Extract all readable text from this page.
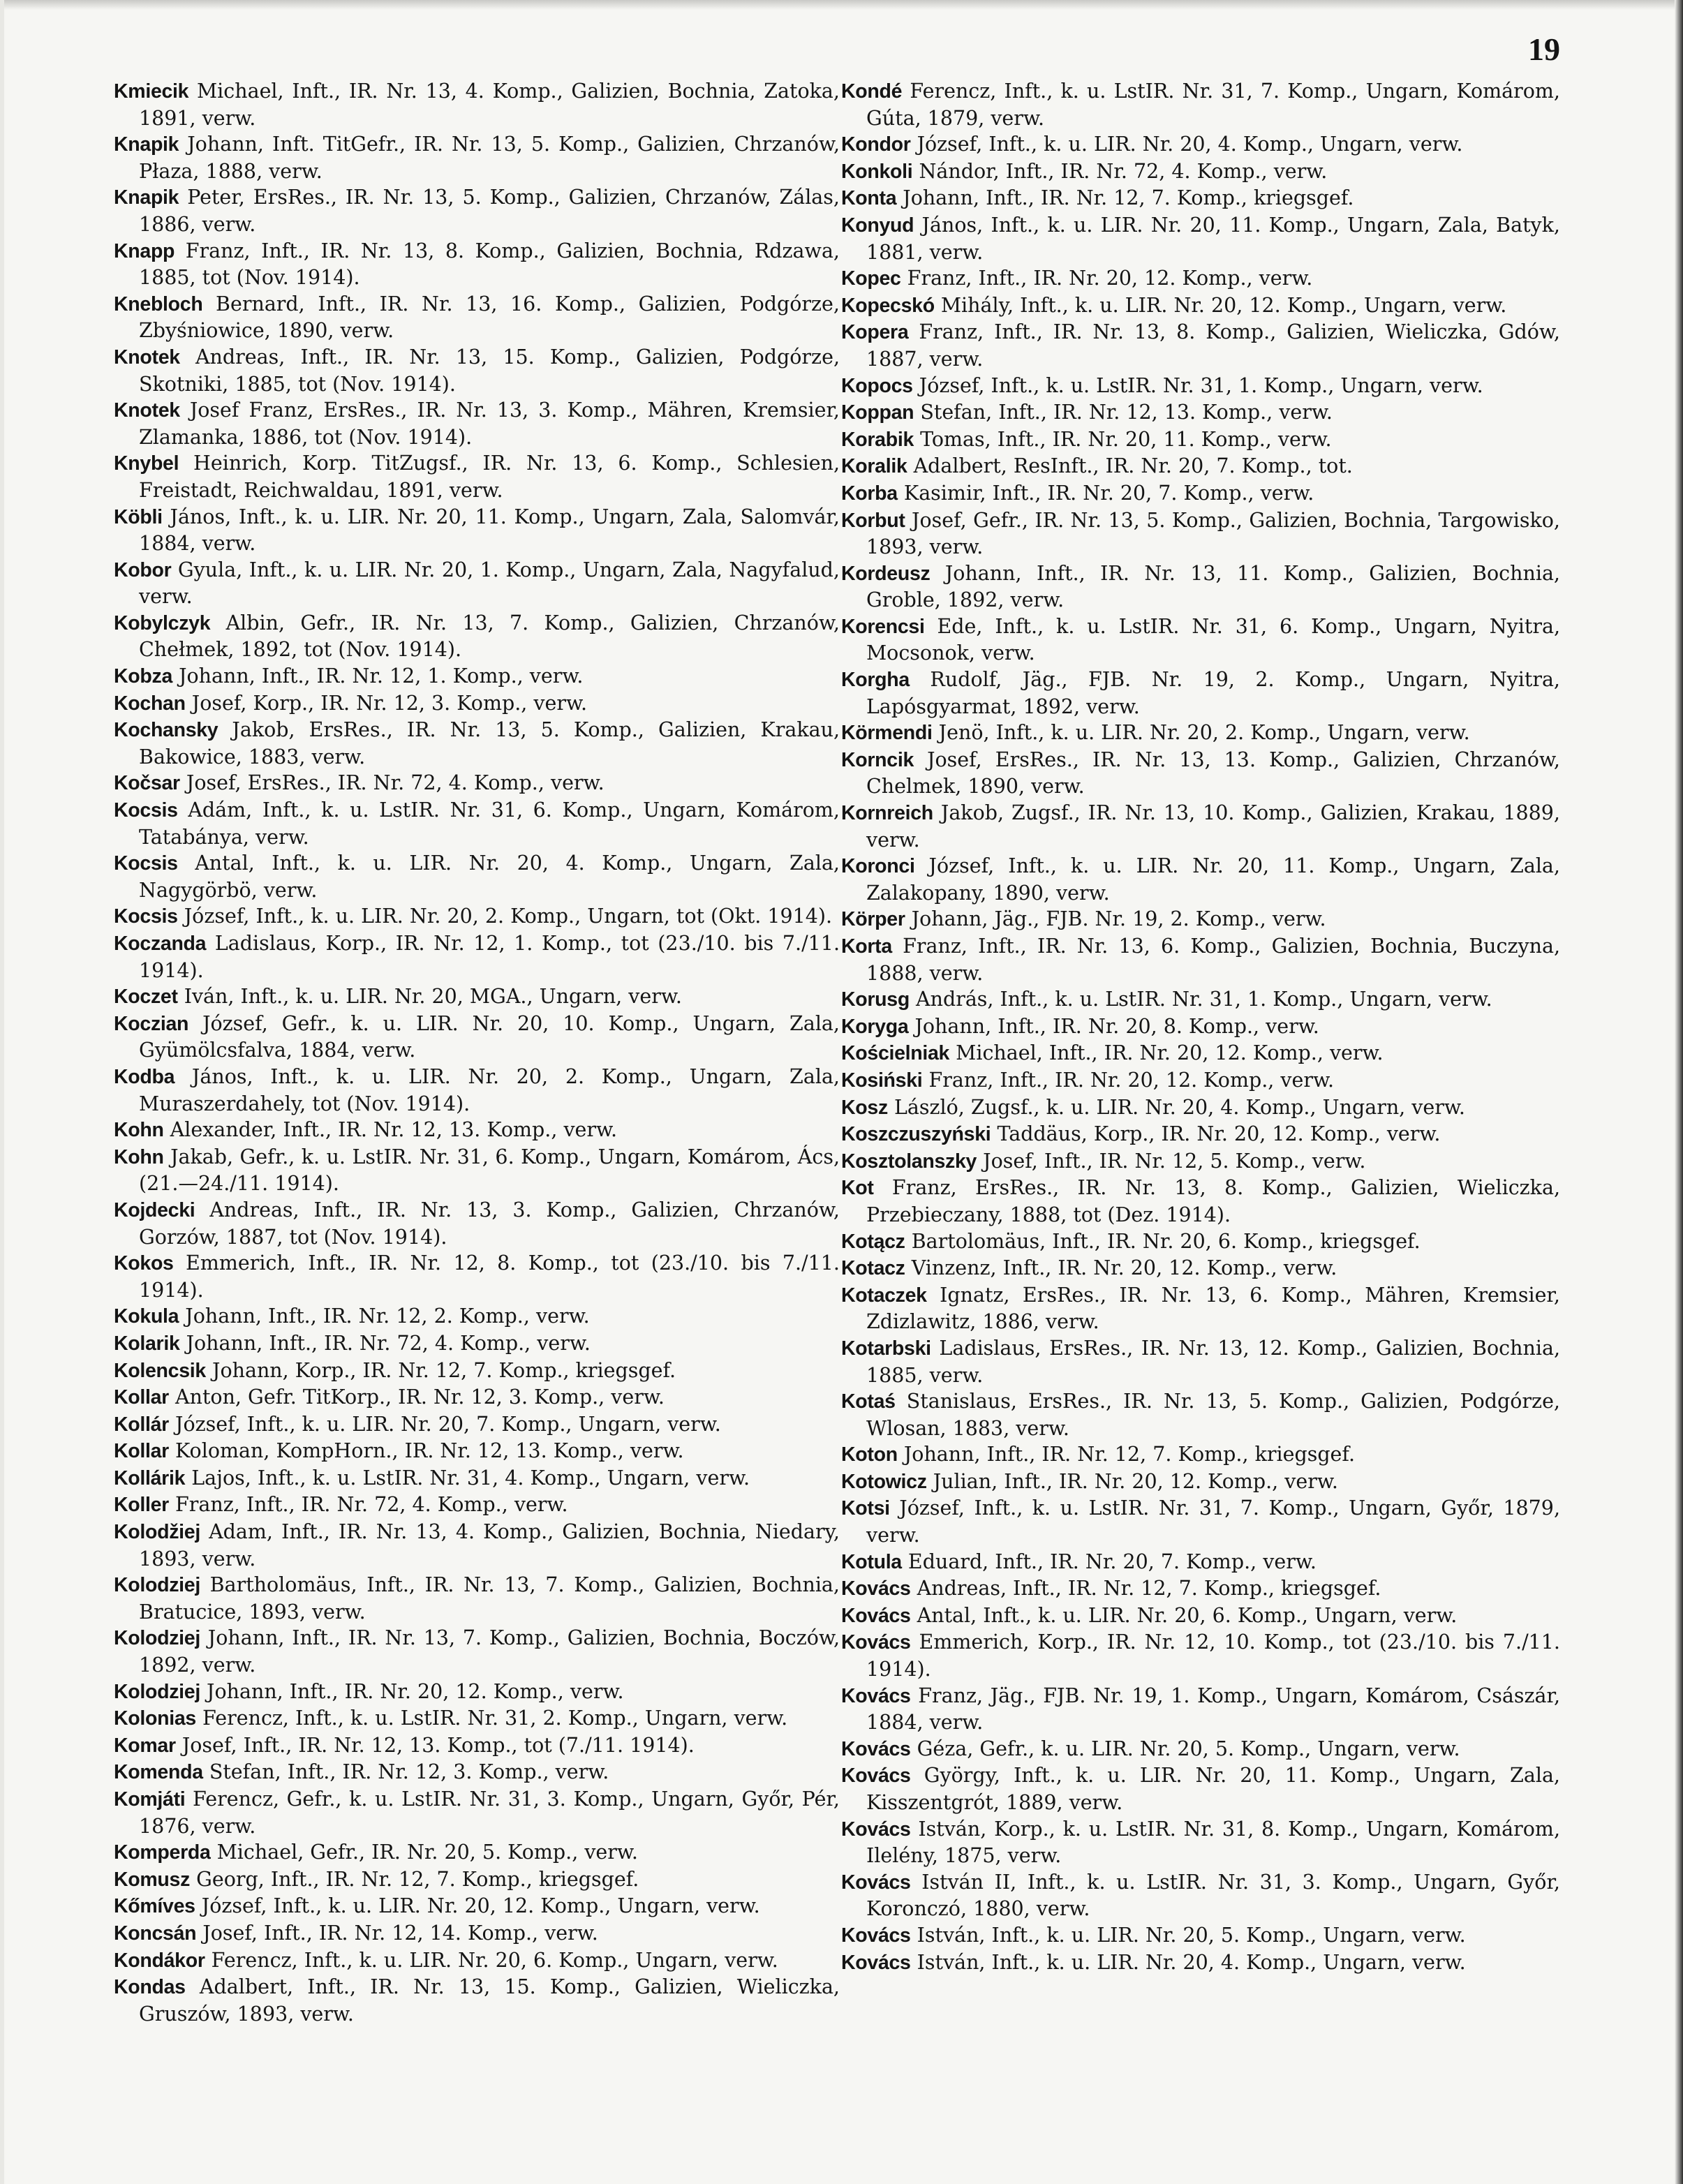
19

Kmiecik Michael, Inft., IR. Nr. 13, 4. Komp., Galizien, Bochnia, Zatoka, 1891, verw.

Knapik Johann, Inft. TitGefr., IR. Nr. 13, 5. Komp., Galizien, Chrzanów, Płaza, 1888, verw.

Knapik Peter, ErsRes., IR. Nr. 13, 5. Komp., Galizien, Chrzanów, Zálas, 1886, verw.

Knapp Franz, Inft., IR. Nr. 13, 8. Komp., Galizien, Bochnia, Rdzawa, 1885, tot (Nov. 1914).

Knebloch Bernard, Inft., IR. Nr. 13, 16. Komp., Galizien, Podgórze, Zbyśniowice, 1890, verw.

Knotek Andreas, Inft., IR. Nr. 13, 15. Komp., Galizien, Podgórze, Skotniki, 1885, tot (Nov. 1914).

Knotek Josef Franz, ErsRes., IR. Nr. 13, 3. Komp., Mähren, Kremsier, Zlamanka, 1886, tot (Nov. 1914).

Knybel Heinrich, Korp. TitZugsf., IR. Nr. 13, 6. Komp., Schlesien, Freistadt, Reichwaldau, 1891, verw.

Köbli János, Inft., k. u. LIR. Nr. 20, 11. Komp., Ungarn, Zala, Salomvár, 1884, verw.

Kobor Gyula, Inft., k. u. LIR. Nr. 20, 1. Komp., Ungarn, Zala, Nagyfalud, verw.

Kobylczyk Albin, Gefr., IR. Nr. 13, 7. Komp., Galizien, Chrzanów, Chełmek, 1892, tot (Nov. 1914).

Kobza Johann, Inft., IR. Nr. 12, 1. Komp., verw.

Kochan Josef, Korp., IR. Nr. 12, 3. Komp., verw.

Kochansky Jakob, ErsRes., IR. Nr. 13, 5. Komp., Galizien, Krakau, Bakowice, 1883, verw.

Kočsar Josef, ErsRes., IR. Nr. 72, 4. Komp., verw.

Kocsis Adám, Inft., k. u. LstIR. Nr. 31, 6. Komp., Ungarn, Komárom, Tatabánya, verw.

Kocsis Antal, Inft., k. u. LIR. Nr. 20, 4. Komp., Ungarn, Zala, Nagygörbö, verw.

Kocsis József, Inft., k. u. LIR. Nr. 20, 2. Komp., Ungarn, tot (Okt. 1914).

Koczanda Ladislaus, Korp., IR. Nr. 12, 1. Komp., tot (23./10. bis 7./11. 1914).

Koczet Iván, Inft., k. u. LIR. Nr. 20, MGA., Ungarn, verw.

Koczian József, Gefr., k. u. LIR. Nr. 20, 10. Komp., Ungarn, Zala, Gyümölcsfalva, 1884, verw.

Kodba János, Inft., k. u. LIR. Nr. 20, 2. Komp., Ungarn, Zala, Muraszerdahely, tot (Nov. 1914).

Kohn Alexander, Inft., IR. Nr. 12, 13. Komp., verw.

Kohn Jakab, Gefr., k. u. LstIR. Nr. 31, 6. Komp., Ungarn, Komárom, Ács, (21.—24./11. 1914).

Kojdecki Andreas, Inft., IR. Nr. 13, 3. Komp., Galizien, Chrzanów, Gorzów, 1887, tot (Nov. 1914).

Kokos Emmerich, Inft., IR. Nr. 12, 8. Komp., tot (23./10. bis 7./11. 1914).

Kokula Johann, Inft., IR. Nr. 12, 2. Komp., verw.

Kolarik Johann, Inft., IR. Nr. 72, 4. Komp., verw.

Kolencsik Johann, Korp., IR. Nr. 12, 7. Komp., kriegsgef.

Kollar Anton, Gefr. TitKorp., IR. Nr. 12, 3. Komp., verw.

Kollár József, Inft., k. u. LIR. Nr. 20, 7. Komp., Ungarn, verw.

Kollar Koloman, KompHorn., IR. Nr. 12, 13. Komp., verw.

Kollárik Lajos, Inft., k. u. LstIR. Nr. 31, 4. Komp., Ungarn, verw.

Koller Franz, Inft., IR. Nr. 72, 4. Komp., verw.

Kolodžiej Adam, Inft., IR. Nr. 13, 4. Komp., Galizien, Bochnia, Niedary, 1893, verw.

Kolodziej Bartholomäus, Inft., IR. Nr. 13, 7. Komp., Galizien, Bochnia, Bratucice, 1893, verw.

Kolodziej Johann, Inft., IR. Nr. 13, 7. Komp., Galizien, Bochnia, Boczów, 1892, verw.

Kolodziej Johann, Inft., IR. Nr. 20, 12. Komp., verw.

Kolonias Ferencz, Inft., k. u. LstIR. Nr. 31, 2. Komp., Ungarn, verw.

Komar Josef, Inft., IR. Nr. 12, 13. Komp., tot (7./11. 1914).

Komenda Stefan, Inft., IR. Nr. 12, 3. Komp., verw.

Komjáti Ferencz, Gefr., k. u. LstIR. Nr. 31, 3. Komp., Ungarn, Győr, Pér, 1876, verw.

Komperda Michael, Gefr., IR. Nr. 20, 5. Komp., verw.

Komusz Georg, Inft., IR. Nr. 12, 7. Komp., kriegsgef.

Kőmíves József, Inft., k. u. LIR. Nr. 20, 12. Komp., Ungarn, verw.

Koncsán Josef, Inft., IR. Nr. 12, 14. Komp., verw.

Kondákor Ferencz, Inft., k. u. LIR. Nr. 20, 6. Komp., Ungarn, verw.

Kondas Adalbert, Inft., IR. Nr. 13, 15. Komp., Galizien, Wieliczka, Gruszów, 1893, verw.

Kondé Ferencz, Inft., k. u. LstIR. Nr. 31, 7. Komp., Ungarn, Komárom, Gúta, 1879, verw.

Kondor József, Inft., k. u. LIR. Nr. 20, 4. Komp., Ungarn, verw.

Konkoli Nándor, Inft., IR. Nr. 72, 4. Komp., verw.

Konta Johann, Inft., IR. Nr. 12, 7. Komp., kriegsgef.

Konyud János, Inft., k. u. LIR. Nr. 20, 11. Komp., Ungarn, Zala, Batyk, 1881, verw.

Kopec Franz, Inft., IR. Nr. 20, 12. Komp., verw.

Kopecskó Mihály, Inft., k. u. LIR. Nr. 20, 12. Komp., Ungarn, verw.

Kopera Franz, Inft., IR. Nr. 13, 8. Komp., Galizien, Wieliczka, Gdów, 1887, verw.

Kopocs József, Inft., k. u. LstIR. Nr. 31, 1. Komp., Ungarn, verw.

Koppan Stefan, Inft., IR. Nr. 12, 13. Komp., verw.

Korabik Tomas, Inft., IR. Nr. 20, 11. Komp., verw.

Koralik Adalbert, ResInft., IR. Nr. 20, 7. Komp., tot.

Korba Kasimir, Inft., IR. Nr. 20, 7. Komp., verw.

Korbut Josef, Gefr., IR. Nr. 13, 5. Komp., Galizien, Bochnia, Targowisko, 1893, verw.

Kordeusz Johann, Inft., IR. Nr. 13, 11. Komp., Galizien, Bochnia, Groble, 1892, verw.

Korencsi Ede, Inft., k. u. LstIR. Nr. 31, 6. Komp., Ungarn, Nyitra, Mocsonok, verw.

Korgha Rudolf, Jäg., FJB. Nr. 19, 2. Komp., Ungarn, Nyitra, Lapósgyarmat, 1892, verw.

Körmendi Jenö, Inft., k. u. LIR. Nr. 20, 2. Komp., Ungarn, verw.

Korncik Josef, ErsRes., IR. Nr. 13, 13. Komp., Galizien, Chrzanów, Chelmek, 1890, verw.

Kornreich Jakob, Zugsf., IR. Nr. 13, 10. Komp., Galizien, Krakau, 1889, verw.

Koronci József, Inft., k. u. LIR. Nr. 20, 11. Komp., Ungarn, Zala, Zalakopany, 1890, verw.

Körper Johann, Jäg., FJB. Nr. 19, 2. Komp., verw.

Korta Franz, Inft., IR. Nr. 13, 6. Komp., Galizien, Bochnia, Buczyna, 1888, verw.

Korusg András, Inft., k. u. LstIR. Nr. 31, 1. Komp., Ungarn, verw.

Koryga Johann, Inft., IR. Nr. 20, 8. Komp., verw.

Kościelniak Michael, Inft., IR. Nr. 20, 12. Komp., verw.

Kosiński Franz, Inft., IR. Nr. 20, 12. Komp., verw.

Kosz László, Zugsf., k. u. LIR. Nr. 20, 4. Komp., Ungarn, verw.

Koszczuszyński Taddäus, Korp., IR. Nr. 20, 12. Komp., verw.

Kosztolanszky Josef, Inft., IR. Nr. 12, 5. Komp., verw.

Kot Franz, ErsRes., IR. Nr. 13, 8. Komp., Galizien, Wieliczka, Przebieczany, 1888, tot (Dez. 1914).

Kotącz Bartolomäus, Inft., IR. Nr. 20, 6. Komp., kriegsgef.

Kotacz Vinzenz, Inft., IR. Nr. 20, 12. Komp., verw.

Kotaczek Ignatz, ErsRes., IR. Nr. 13, 6. Komp., Mähren, Kremsier, Zdizlawitz, 1886, verw.

Kotarbski Ladislaus, ErsRes., IR. Nr. 13, 12. Komp., Galizien, Bochnia, 1885, verw.

Kotaś Stanislaus, ErsRes., IR. Nr. 13, 5. Komp., Galizien, Podgórze, Wlosan, 1883, verw.

Koton Johann, Inft., IR. Nr. 12, 7. Komp., kriegsgef.

Kotowicz Julian, Inft., IR. Nr. 20, 12. Komp., verw.

Kotsi József, Inft., k. u. LstIR. Nr. 31, 7. Komp., Ungarn, Győr, 1879, verw.

Kotula Eduard, Inft., IR. Nr. 20, 7. Komp., verw.

Kovács Andreas, Inft., IR. Nr. 12, 7. Komp., kriegsgef.

Kovács Antal, Inft., k. u. LIR. Nr. 20, 6. Komp., Ungarn, verw.

Kovács Emmerich, Korp., IR. Nr. 12, 10. Komp., tot (23./10. bis 7./11. 1914).

Kovács Franz, Jäg., FJB. Nr. 19, 1. Komp., Ungarn, Komárom, Császár, 1884, verw.

Kovács Géza, Gefr., k. u. LIR. Nr. 20, 5. Komp., Ungarn, verw.

Kovács György, Inft., k. u. LIR. Nr. 20, 11. Komp., Ungarn, Zala, Kisszentgrót, 1889, verw.

Kovács István, Korp., k. u. LstIR. Nr. 31, 8. Komp., Ungarn, Komárom, Ilelény, 1875, verw.

Kovács István II, Inft., k. u. LstIR. Nr. 31, 3. Komp., Ungarn, Győr, Koronczó, 1880, verw.

Kovács István, Inft., k. u. LIR. Nr. 20, 5. Komp., Ungarn, verw.

Kovács István, Inft., k. u. LIR. Nr. 20, 4. Komp., Ungarn, verw.
